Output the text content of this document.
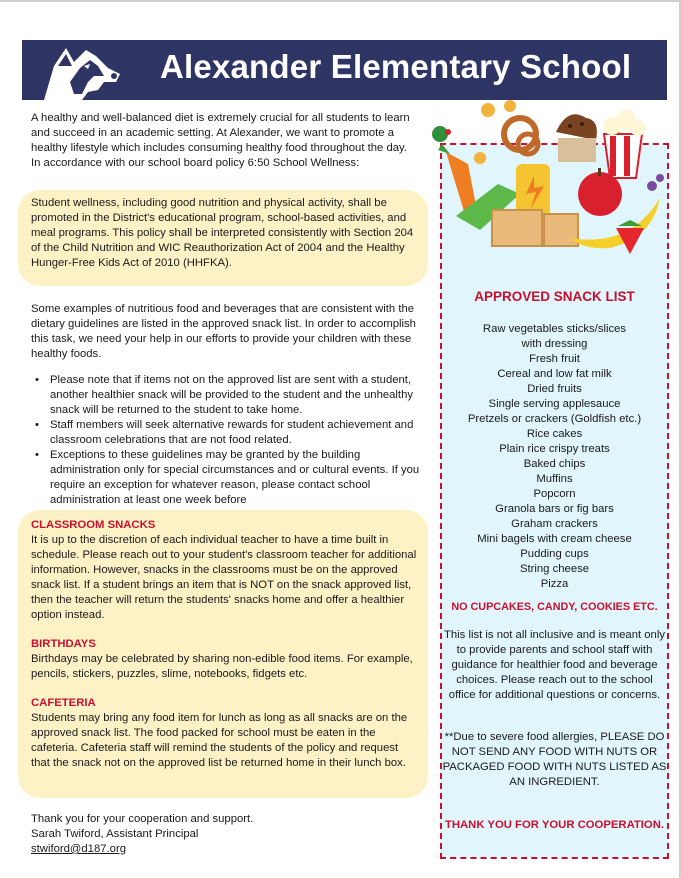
Alexander Elementary School
A healthy and well-balanced diet is extremely crucial for all students to learn and succeed in an academic setting. At Alexander, we want to promote a healthy lifestyle which includes consuming healthy food throughout the day. In accordance with our school board policy 6:50 School Wellness:
Student wellness, including good nutrition and physical activity, shall be promoted in the District's educational program, school-based activities, and meal programs. This policy shall be interpreted consistently with Section 204 of the Child Nutrition and WIC Reauthorization Act of 2004 and the Healthy Hunger-Free Kids Act of 2010 (HHFKA).
Some examples of nutritious food and beverages that are consistent with the dietary guidelines are listed in the approved snack list. In order to accomplish this task, we need your help in our efforts to provide your children with these healthy foods.
• Please note that if items not on the approved list are sent with a student, another healthier snack will be provided to the student and the unhealthy snack will be returned to the student to take home.
• Staff members will seek alternative rewards for student achievement and classroom celebrations that are not food related.
• Exceptions to these guidelines may be granted by the building administration only for special circumstances and or cultural events. If you require an exception for whatever reason, please contact school administration at least one week before
CLASSROOM SNACKS
It is up to the discretion of each individual teacher to have a time built in schedule. Please reach out to your student's classroom teacher for additional information. However, snacks in the classrooms must be on the approved snack list. If a student brings an item that is NOT on the snack approved list, then the teacher will return the students' snacks home and offer a healthier option instead.
BIRTHDAYS
Birthdays may be celebrated by sharing non-edible food items. For example, pencils, stickers, puzzles, slime, notebooks, fidgets etc.
CAFETERIA
Students may bring any food item for lunch as long as all snacks are on the approved snack list. The food packed for school must be eaten in the cafeteria. Cafeteria staff will remind the students of the policy and request that the snack not on the approved list be returned home in their lunch box.
Thank you for your cooperation and support.
Sarah Twiford, Assistant Principal
stwiford@d187.org
APPROVED SNACK LIST
Raw vegetables sticks/slices
with dressing
Fresh fruit
Cereal and low fat milk
Dried fruits
Single serving applesauce
Pretzels or crackers (Goldfish etc.)
Rice cakes
Plain rice crispy treats
Baked chips
Muffins
Popcorn
Granola bars or fig bars
Graham crackers
Mini bagels with cream cheese
Pudding cups
String cheese
Pizza
NO CUPCAKES, CANDY, COOKIES ETC.
This list is not all inclusive and is meant only to provide parents and school staff with guidance for healthier food and beverage choices. Please reach out to the school office for additional questions or concerns.
**Due to severe food allergies, PLEASE DO NOT SEND ANY FOOD WITH NUTS OR PACKAGED FOOD WITH NUTS LISTED AS AN INGREDIENT.
THANK YOU FOR YOUR COOPERATION.
